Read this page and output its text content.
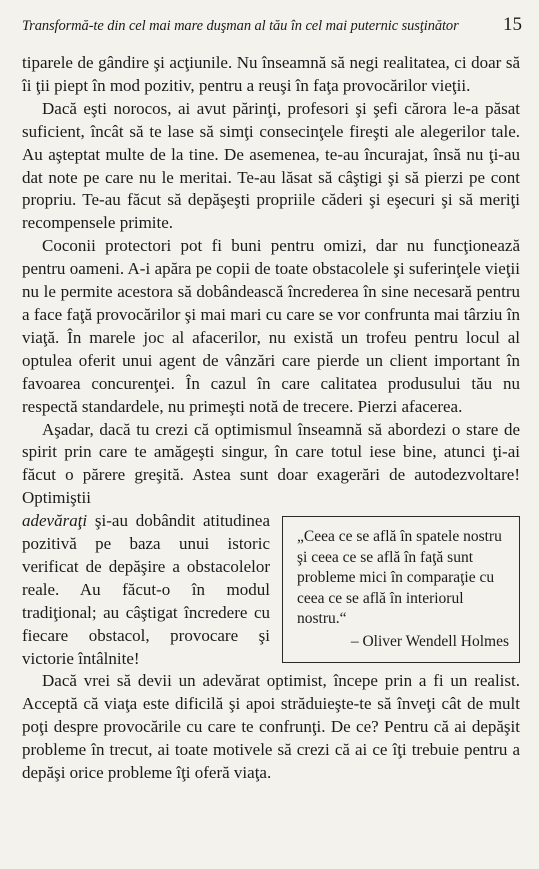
Transformă-te din cel mai mare duşman al tău în cel mai puternic susţinător 15

tiparele de gândire şi acţiunile. Nu înseamnă să negi realitatea, ci doar să îi ţii piept în mod pozitiv, pentru a reuşi în faţa provocărilor vieţii.

Dacă eşti norocos, ai avut părinţi, profesori şi şefi cărora le-a păsat suficient, încât să te lase să simţi consecinţele fireşti ale alegerilor tale. Au aşteptat multe de la tine. De asemenea, te-au încurajat, însă nu ţi-au dat note pe care nu le meritai. Te-au lăsat să câştigi şi să pierzi pe cont propriu. Te-au făcut să depăşeşti propriile căderi şi eşecuri şi să meriţi recompensele primite.

Coconii protectori pot fi buni pentru omizi, dar nu funcţionează pentru oameni. A-i apăra pe copii de toate obstacolele şi suferinţele vieţii nu le permite acestora să dobândească încrederea în sine necesară pentru a face faţă provocărilor şi mai mari cu care se vor confrunta mai târziu în viaţă. În marele joc al afacerilor, nu există un trofeu pentru locul al optulea oferit unui agent de vânzări care pierde un client important în favoarea concurenţei. În cazul în care calitatea produsului tău nu respectă standardele, nu primeşti notă de trecere. Pierzi afacerea.

Aşadar, dacă tu crezi că optimismul înseamnă să abordezi o stare de spirit prin care te amăgeşti singur, în care totul iese bine, atunci ţi-ai făcut o părere greşită. Astea sunt doar exagerări de autodezvoltare! Optimiştii

„Ceea ce se află în spatele nostru şi ceea ce se află în faţă sunt probleme mici în comparaţie cu ceea ce se află în interiorul nostru.“
– Oliver Wendell Holmes
adevăraţi şi-au dobândit atitudinea pozitivă pe baza unui istoric verificat de depăşire a obstacolelor reale. Au făcut-o în modul tradiţional; au câştigat încredere cu fiecare obstacol, provocare şi victorie întâlnite!

Dacă vrei să devii un adevărat optimist, începe prin a fi un realist. Acceptă că viaţa este dificilă şi apoi străduieşte-te să înveţi cât de mult poţi despre provocările cu care te confrunţi. De ce? Pentru că ai depăşit probleme în trecut, ai toate motivele să crezi că ai ce îţi trebuie pentru a depăşi orice probleme îţi oferă viaţa.
